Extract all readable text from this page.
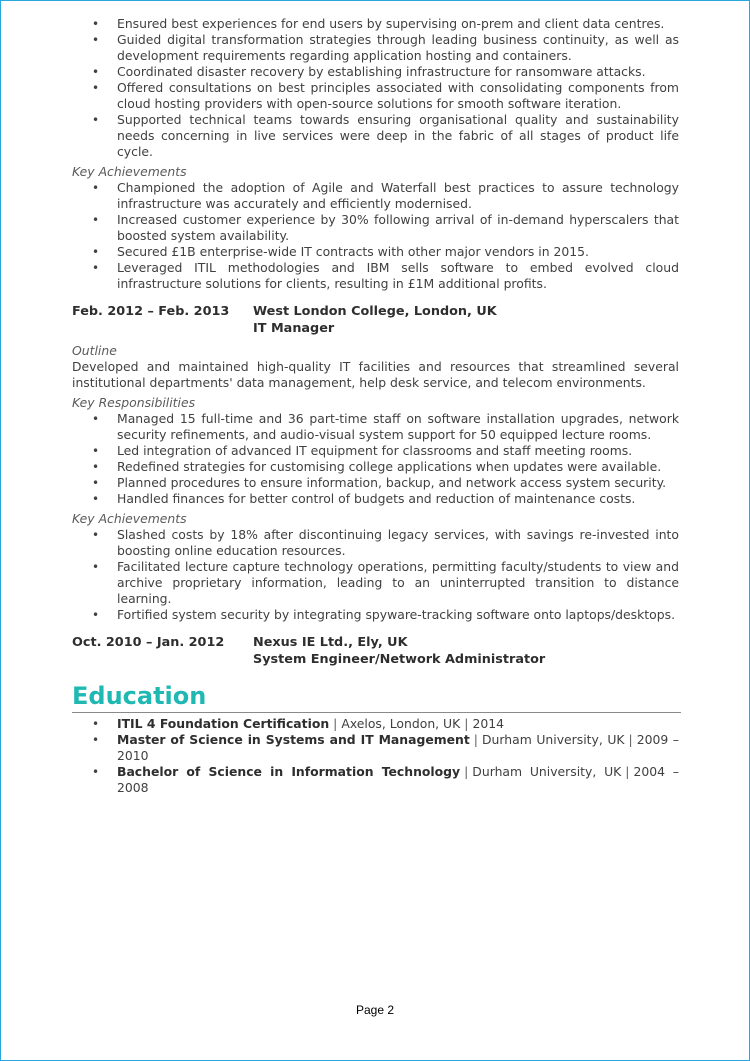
• Ensured best experiences for end users by supervising on-prem and client data centres.
• Guided digital transformation strategies through leading business continuity, as well as development requirements regarding application hosting and containers.
• Coordinated disaster recovery by establishing infrastructure for ransomware attacks.
• Offered consultations on best principles associated with consolidating components from cloud hosting providers with open-source solutions for smooth software iteration.
• Supported technical teams towards ensuring organisational quality and sustainability needs concerning in live services were deep in the fabric of all stages of product life cycle.
Key Achievements
• Championed the adoption of Agile and Waterfall best practices to assure technology infrastructure was accurately and efficiently modernised.
• Increased customer experience by 30% following arrival of in-demand hyperscalers that boosted system availability.
• Secured £1B enterprise-wide IT contracts with other major vendors in 2015.
• Leveraged ITIL methodologies and IBM sells software to embed evolved cloud infrastructure solutions for clients, resulting in £1M additional profits.
Feb. 2012 – Feb. 2013	West London College, London, UK
IT Manager
Outline
Developed and maintained high-quality IT facilities and resources that streamlined several institutional departments' data management, help desk service, and telecom environments.
Key Responsibilities
• Managed 15 full-time and 36 part-time staff on software installation upgrades, network security refinements, and audio-visual system support for 50 equipped lecture rooms.
• Led integration of advanced IT equipment for classrooms and staff meeting rooms.
• Redefined strategies for customising college applications when updates were available.
• Planned procedures to ensure information, backup, and network access system security.
• Handled finances for better control of budgets and reduction of maintenance costs.
Key Achievements
• Slashed costs by 18% after discontinuing legacy services, with savings re-invested into boosting online education resources.
• Facilitated lecture capture technology operations, permitting faculty/students to view and archive proprietary information, leading to an uninterrupted transition to distance learning.
• Fortified system security by integrating spyware-tracking software onto laptops/desktops.
Oct. 2010 – Jan. 2012	Nexus IE Ltd., Ely, UK
System Engineer/Network Administrator
Education
• ITIL 4 Foundation Certification | Axelos, London, UK | 2014
• Master of Science in Systems and IT Management | Durham University, UK | 2009 – 2010
• Bachelor of Science in Information Technology | Durham University, UK | 2004 – 2008
Page 2
